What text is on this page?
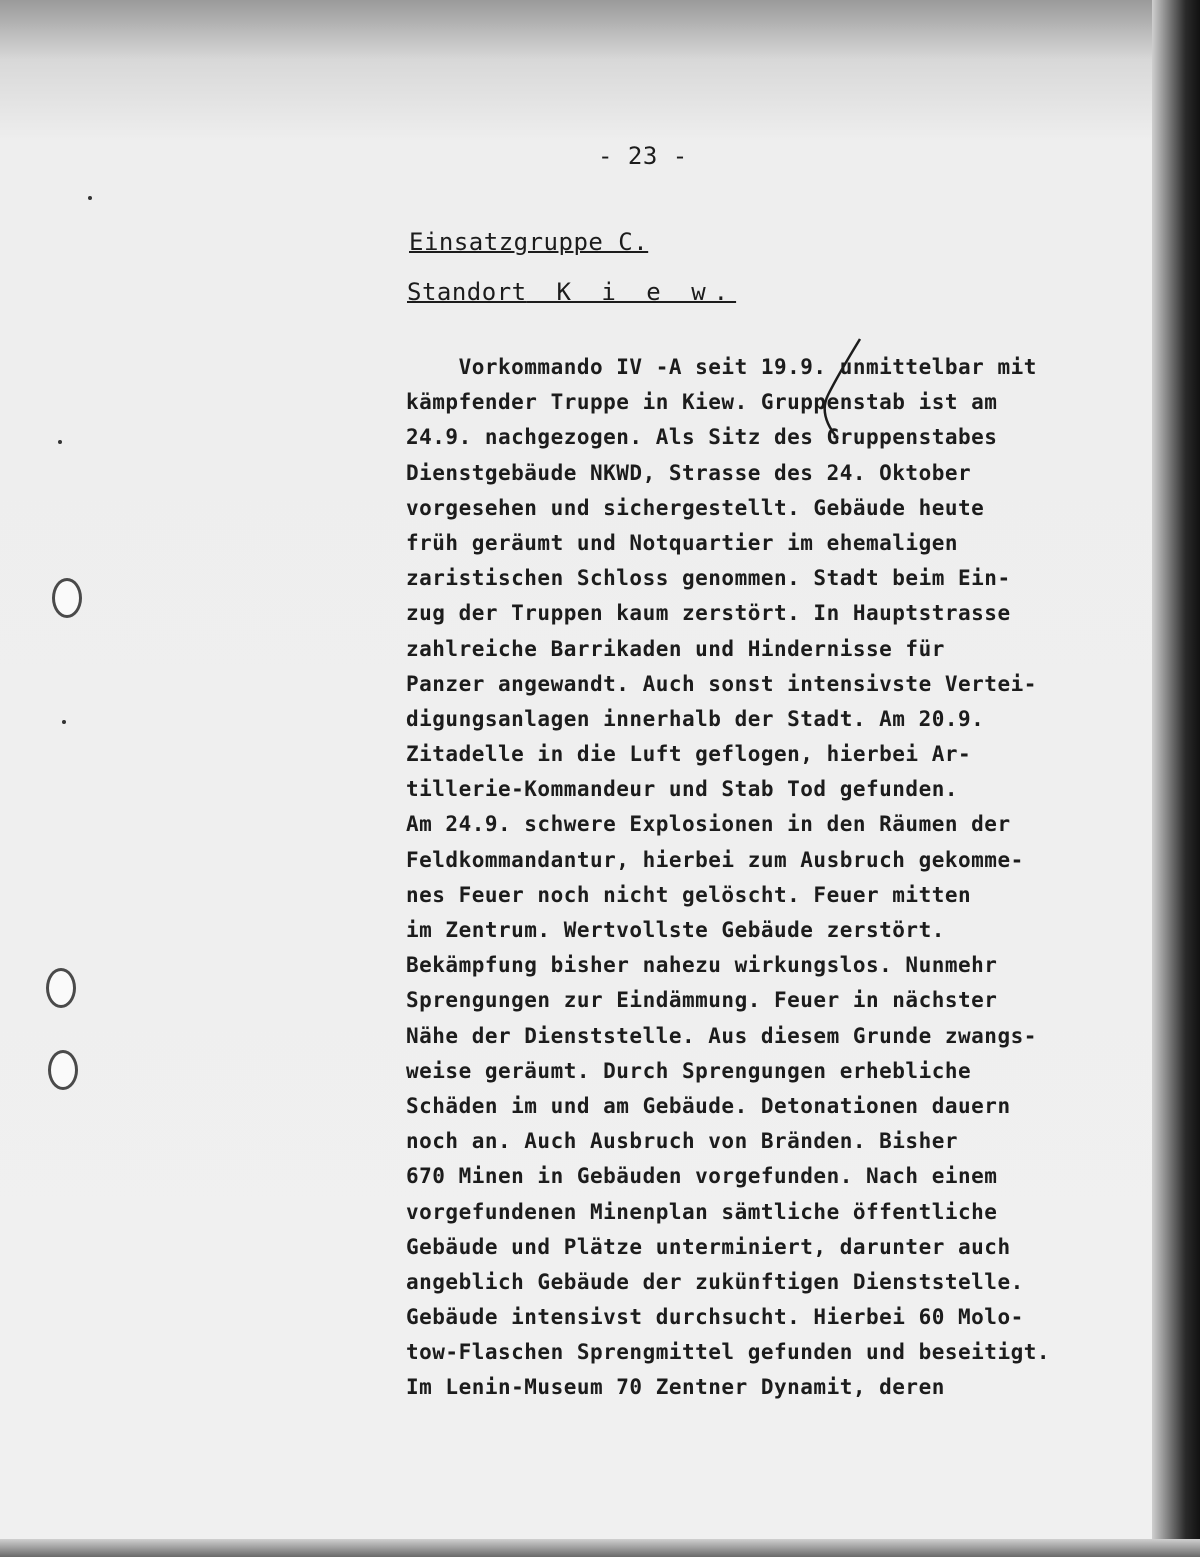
- 23 -
Einsatzgruppe C.
Standort K i e w.
Vorkommando IV -A seit 19.9. unmittelbar mit
kämpfender Truppe in Kiew. Gruppenstab ist am
24.9. nachgezogen. Als Sitz des Gruppenstabes
Dienstgebäude NKWD, Strasse des 24. Oktober
vorgesehen und sichergestellt. Gebäude heute
früh geräumt und Notquartier im ehemaligen
zaristischen Schloss genommen. Stadt beim Ein-
zug der Truppen kaum zerstört. In Hauptstrasse
zahlreiche Barrikaden und Hindernisse für
Panzer angewandt. Auch sonst intensivste Vertei-
digungsanlagen innerhalb der Stadt. Am 20.9.
Zitadelle in die Luft geflogen, hierbei Ar-
tillerie-Kommandeur und Stab Tod gefunden.
Am 24.9. schwere Explosionen in den Räumen der
Feldkommandantur, hierbei zum Ausbruch gekomme-
nes Feuer noch nicht gelöscht. Feuer mitten
im Zentrum. Wertvollste Gebäude zerstört.
Bekämpfung bisher nahezu wirkungslos. Nunmehr
Sprengungen zur Eindämmung. Feuer in nächster
Nähe der Dienststelle. Aus diesem Grunde zwangs-
weise geräumt. Durch Sprengungen erhebliche
Schäden im und am Gebäude. Detonationen dauern
noch an. Auch Ausbruch von Bränden. Bisher
670 Minen in Gebäuden vorgefunden. Nach einem
vorgefundenen Minenplan sämtliche öffentliche
Gebäude und Plätze unterminiert, darunter auch
angeblich Gebäude der zukünftigen Dienststelle.
Gebäude intensivst durchsucht. Hierbei 60 Molo-
tow-Flaschen Sprengmittel gefunden und beseitigt.
Im Lenin-Museum 70 Zentner Dynamit, deren
